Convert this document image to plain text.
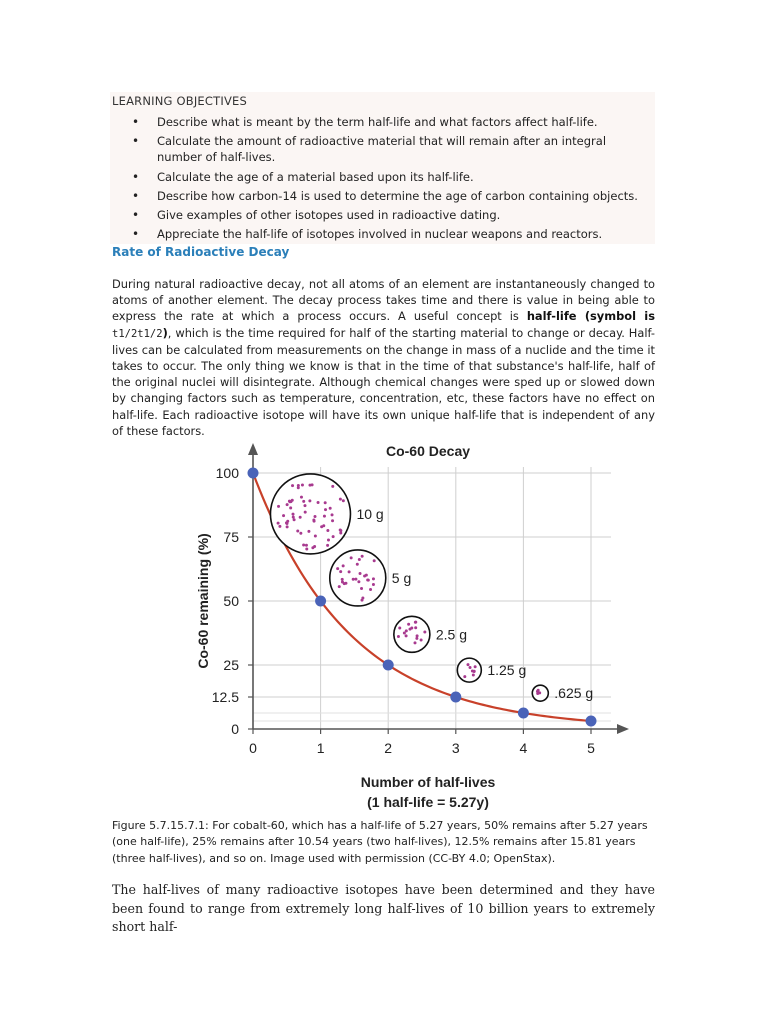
LEARNING OBJECTIVES
• Describe what is meant by the term half-life and what factors affect half-life.
• Calculate the amount of radioactive material that will remain after an integral number of half-lives.
• Calculate the age of a material based upon its half-life.
• Describe how carbon-14 is used to determine the age of carbon containing objects.
• Give examples of other isotopes used in radioactive dating.
• Appreciate the half-life of isotopes involved in nuclear weapons and reactors.
Rate of Radioactive Decay

During natural radioactive decay, not all atoms of an element are instantaneously changed to atoms of another element. The decay process takes time and there is value in being able to express the rate at which a process occurs. A useful concept is half-life (symbol is t1/2t1/2), which is the time required for half of the starting material to change or decay. Half-lives can be calculated from measurements on the change in mass of a nuclide and the time it takes to occur. The only thing we know is that in the time of that substance's half-life, half of the original nuclei will disintegrate. Although chemical changes were sped up or slowed down by changing factors such as temperature, concentration, etc, these factors have no effect on half-life. Each radioactive isotope will have its own unique half-life that is independent of any of these factors.

0	1	2	3	4	5
0
12.5
25
50
75
100
10 g
5 g
2.5 g
1.25 g
.625 g
Co-60 Decay
Number of half-lives
(1 half-life = 5.27y)
Co-60 remaining (%)

Figure 5.7.15.7.1: For cobalt-60, which has a half-life of 5.27 years, 50% remains after 5.27 years (one half-life), 25% remains after 10.54 years (two half-lives), 12.5% remains after 15.81 years (three half-lives), and so on. Image used with permission (CC-BY 4.0; OpenStax).

The half-lives of many radioactive isotopes have been determined and they have been found to range from extremely long half-lives of 10 billion years to extremely short half-
